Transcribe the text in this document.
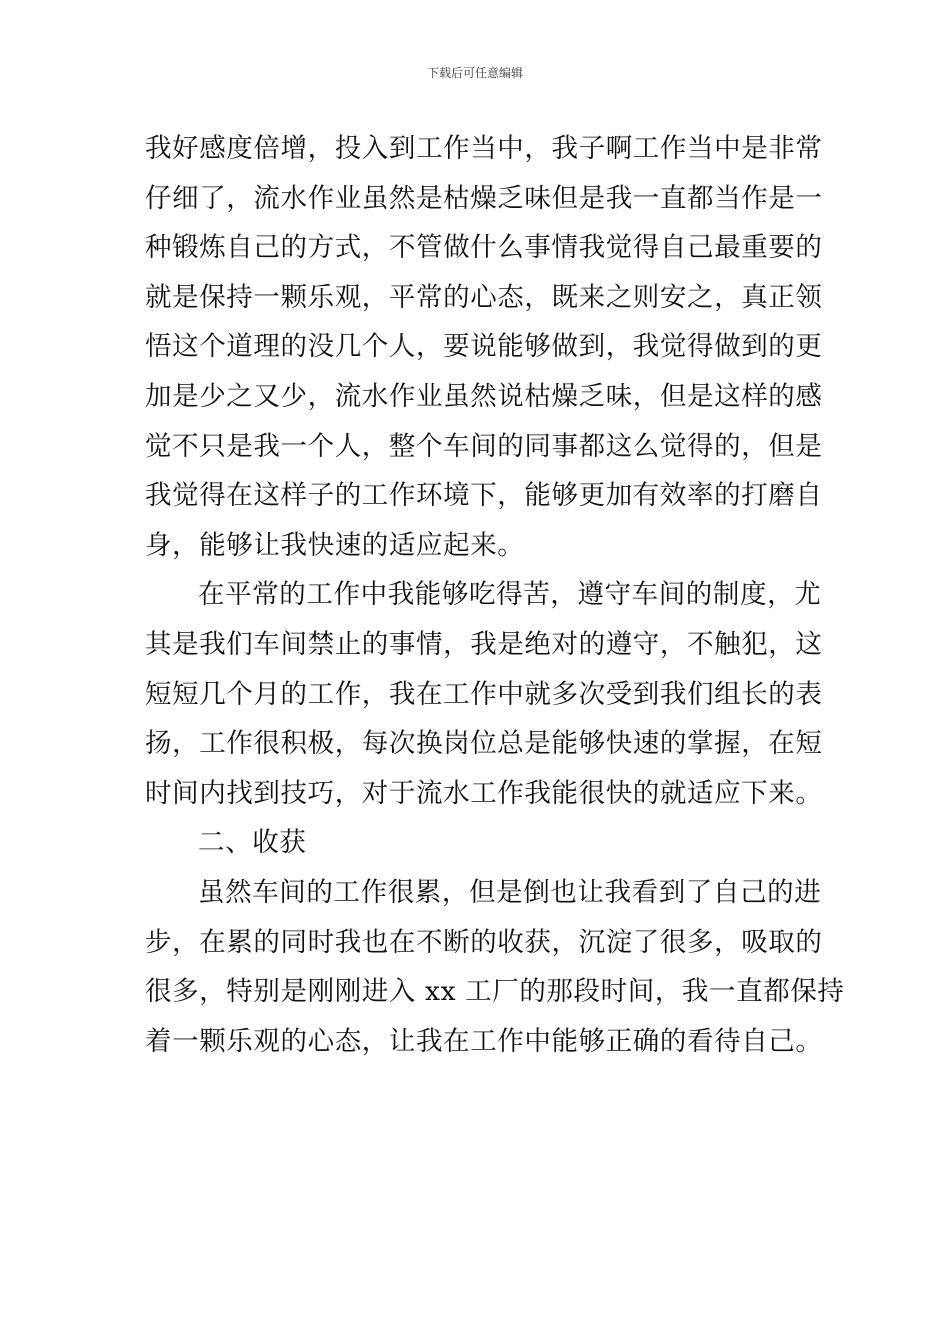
下载后可任意编辑
我好感度倍增，投入到工作当中，我子啊工作当中是非常
仔细了，流水作业虽然是枯燥乏味但是我一直都当作是一
种锻炼自己的方式，不管做什么事情我觉得自己最重要的
就是保持一颗乐观，平常的心态，既来之则安之，真正领
悟这个道理的没几个人，要说能够做到，我觉得做到的更
加是少之又少，流水作业虽然说枯燥乏味，但是这样的感
觉不只是我一个人，整个车间的同事都这么觉得的，但是
我觉得在这样子的工作环境下，能够更加有效率的打磨自
身，能够让我快速的适应起来。
在平常的工作中我能够吃得苦，遵守车间的制度，尤
其是我们车间禁止的事情，我是绝对的遵守，不触犯，这
短短几个月的工作，我在工作中就多次受到我们组长的表
扬，工作很积极，每次换岗位总是能够快速的掌握，在短
时间内找到技巧，对于流水工作我能很快的就适应下来。
二、收获
虽然车间的工作很累，但是倒也让我看到了自己的进
步，在累的同时我也在不断的收获，沉淀了很多，吸取的
很多，特别是刚刚进入 xx 工厂的那段时间，我一直都保持
着一颗乐观的心态，让我在工作中能够正确的看待自己。
